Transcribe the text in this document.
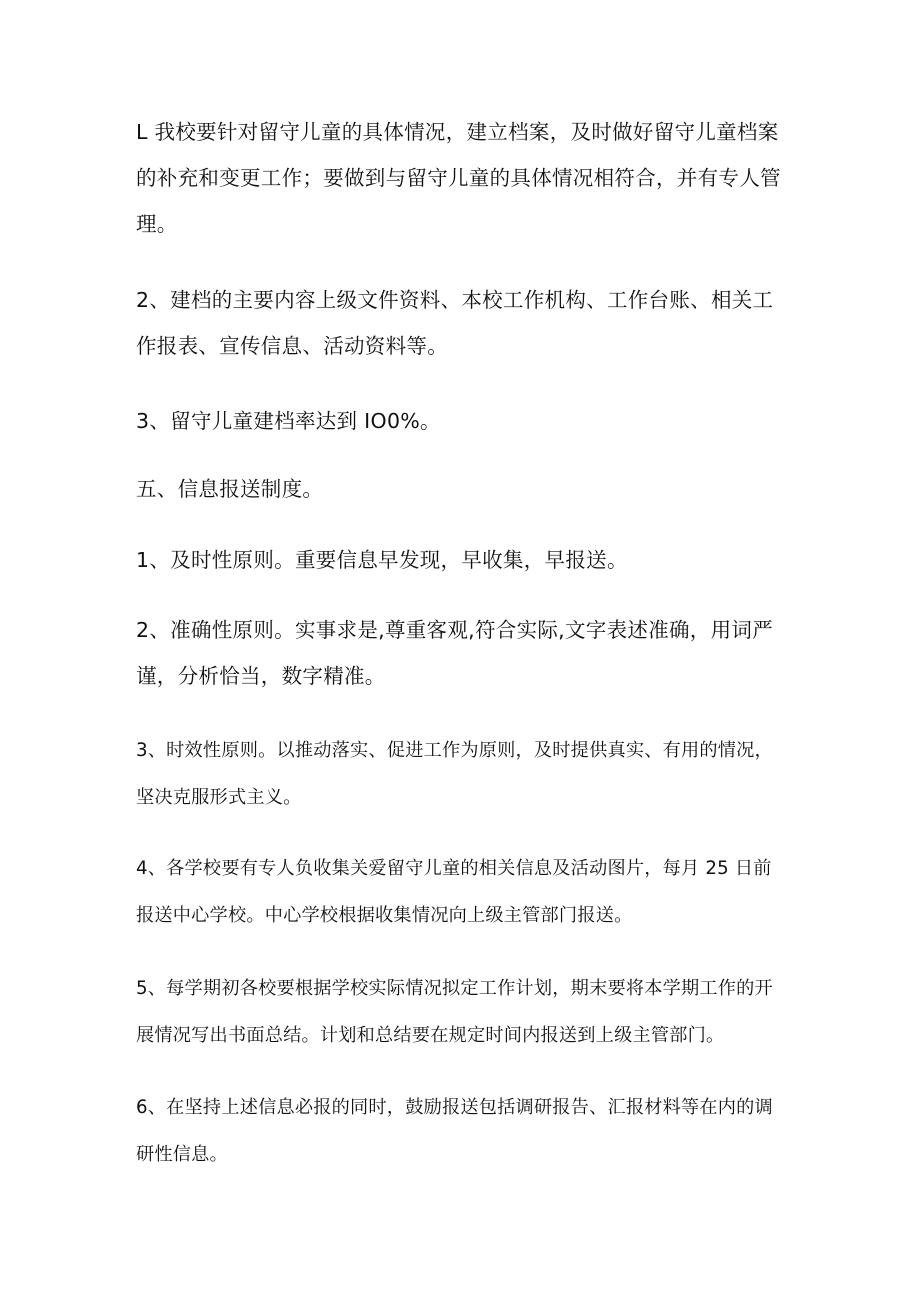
L 我校要针对留守儿童的具体情况，建立档案，及时做好留守儿童档案的补充和变更工作；要做到与留守儿童的具体情况相符合，并有专人管理。

2、建档的主要内容上级文件资料、本校工作机构、工作台账、相关工作报表、宣传信息、活动资料等。

3、留守儿童建档率达到 IO0%。

五、信息报送制度。

1、及时性原则。重要信息早发现，早收集，早报送。

2、准确性原则。实事求是,尊重客观,符合实际,文字表述准确，用词严谨，分析恰当，数字精准。

3、时效性原则。以推动落实、促进工作为原则，及时提供真实、有用的情况，坚决克服形式主义。

4、各学校要有专人负收集关爱留守儿童的相关信息及活动图片，每月 25 日前报送中心学校。中心学校根据收集情况向上级主管部门报送。

5、每学期初各校要根据学校实际情况拟定工作计划，期末要将本学期工作的开展情况写出书面总结。计划和总结要在规定时间内报送到上级主管部门。

6、在坚持上述信息必报的同时，鼓励报送包括调研报告、汇报材料等在内的调研性信息。
